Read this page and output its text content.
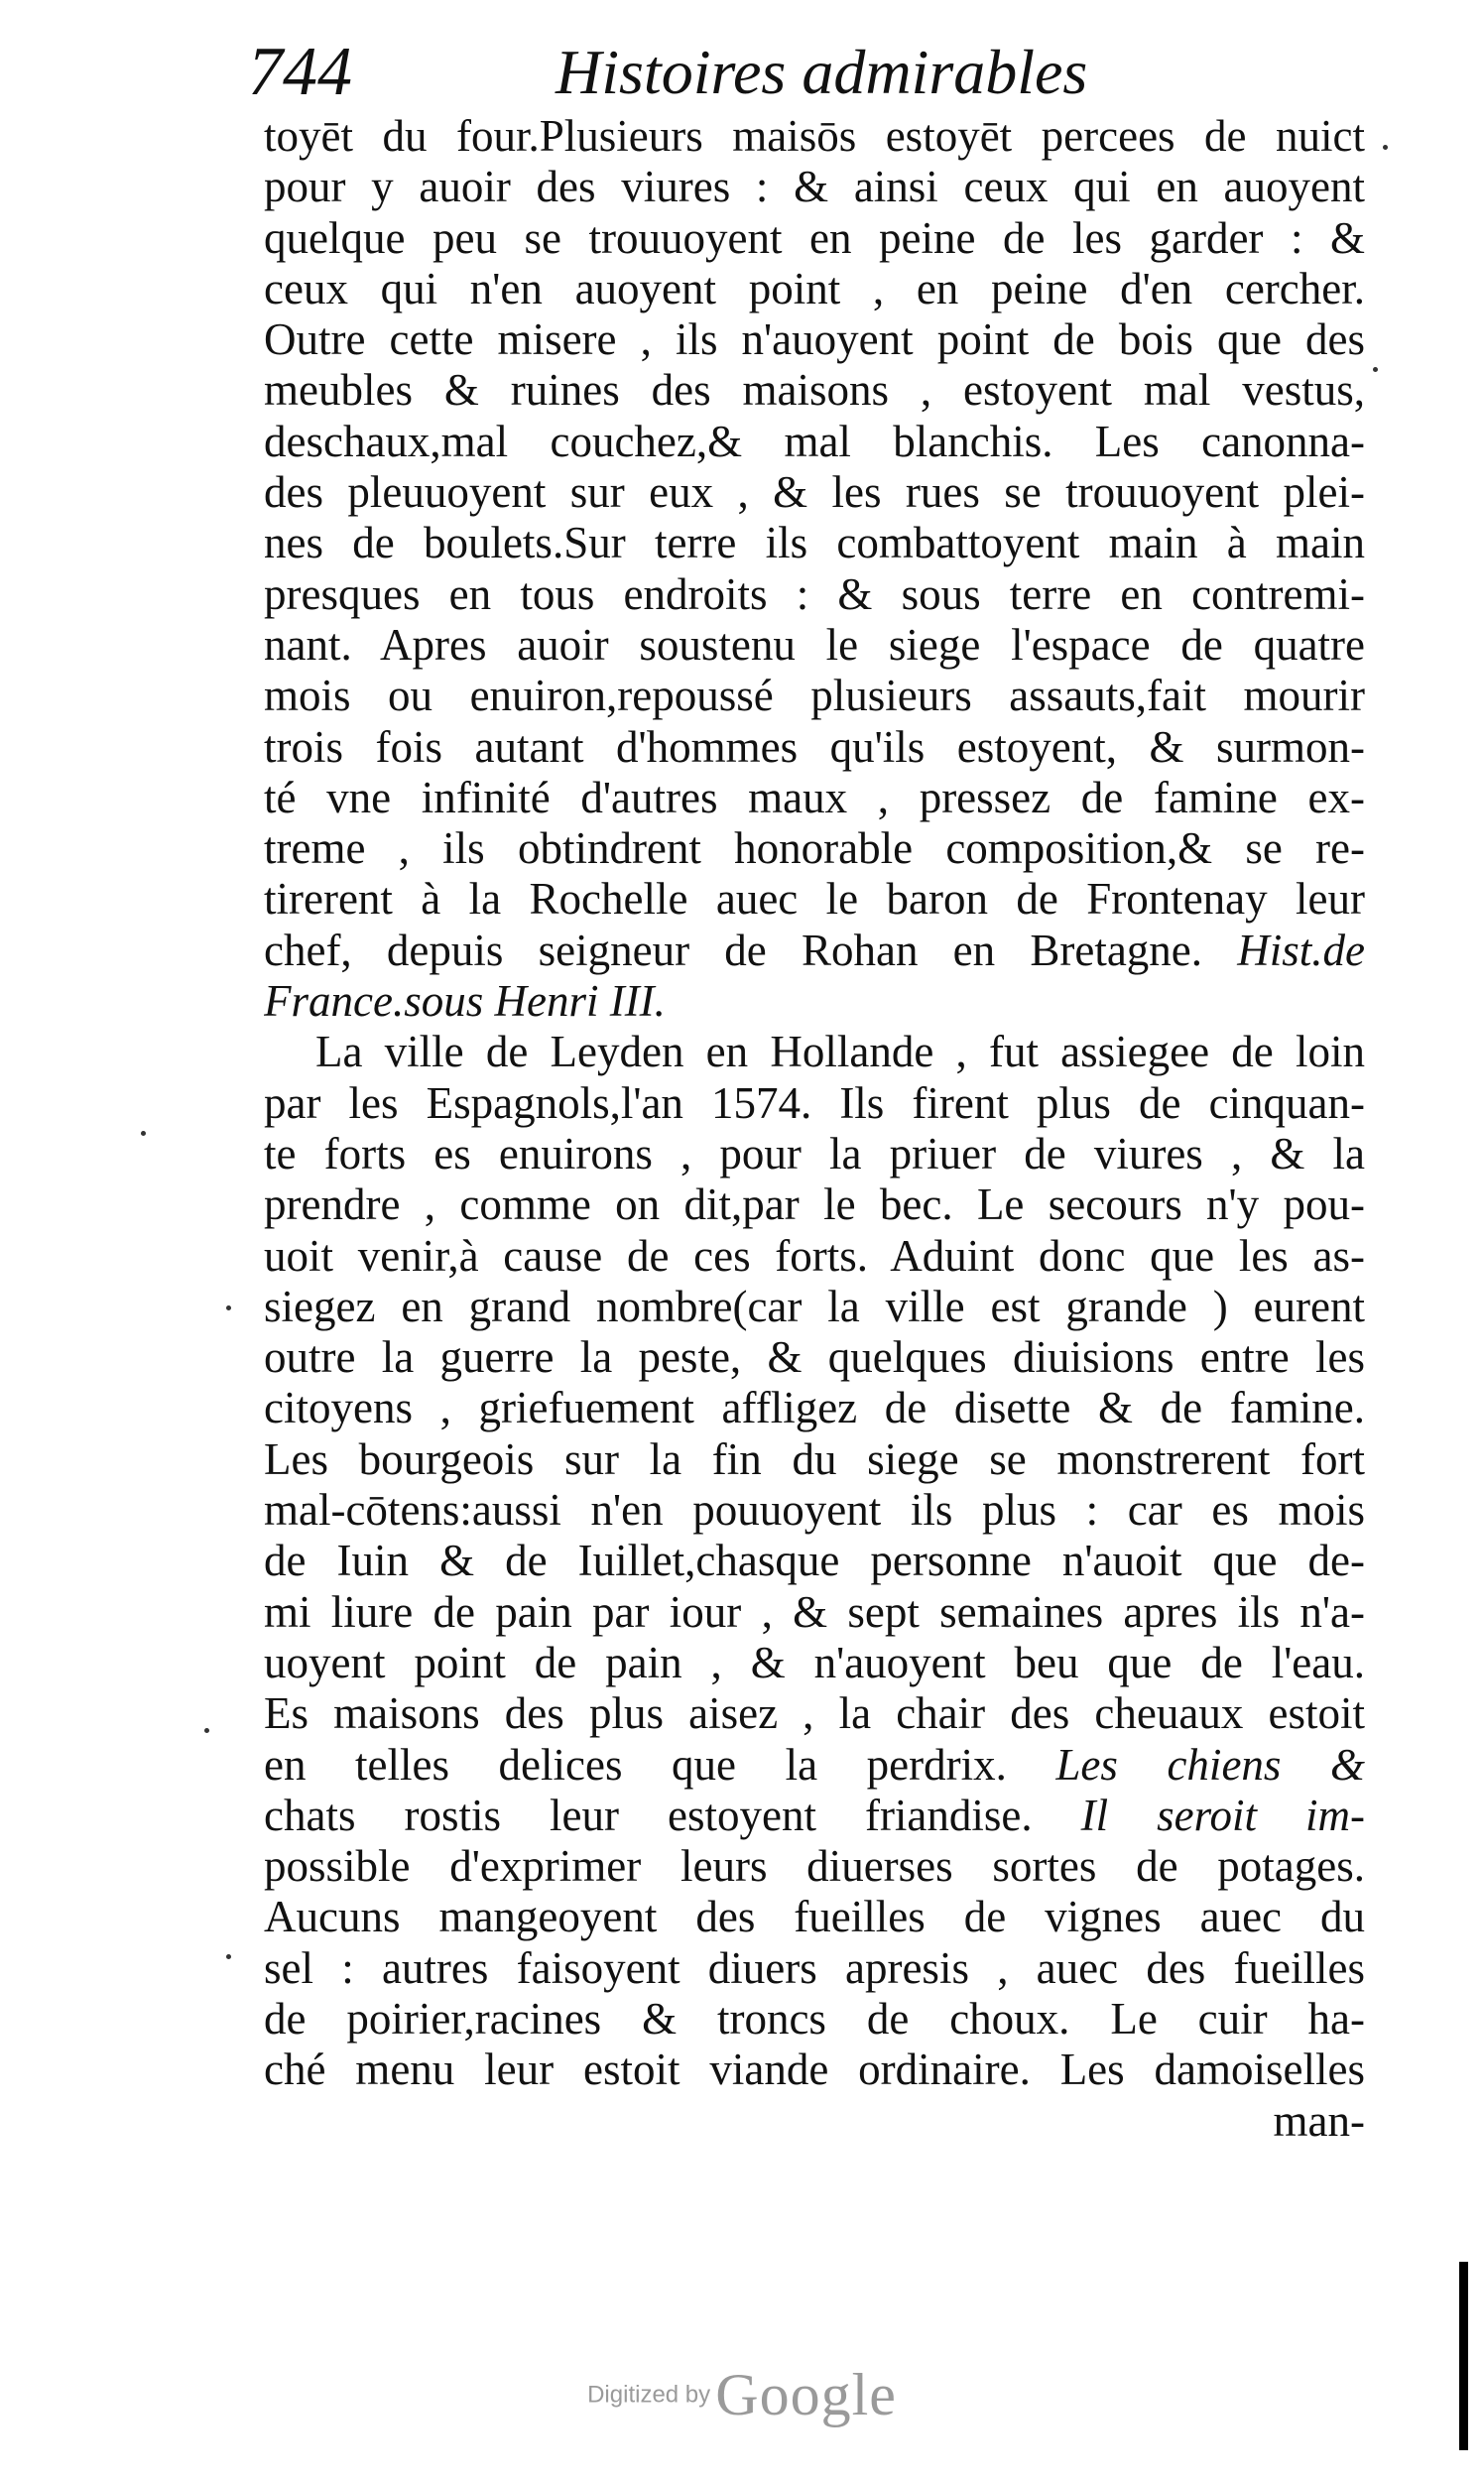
744	Histoires admirables
toyēt du four.Plusieurs maisōs estoyēt percees de nuict
pour y auoir des viures : & ainsi ceux qui en auoyent
quelque peu se trouuoyent en peine de les garder : &
ceux qui n'en auoyent point , en peine d'en cercher.
Outre cette misere , ils n'auoyent point de bois que des
meubles & ruines des maisons , estoyent mal vestus,
deschaux,mal couchez,& mal blanchis. Les canonna-
des pleuuoyent sur eux , & les rues se trouuoyent plei-
nes de boulets.Sur terre ils combattoyent main à main
presques en tous endroits : & sous terre en contremi-
nant. Apres auoir soustenu le siege l'espace de quatre
mois ou enuiron,repoussé plusieurs assauts,fait mourir
trois fois autant d'hommes qu'ils estoyent, & surmon-
té vne infinité d'autres maux , pressez de famine ex-
treme , ils obtindrent honorable composition,& se re-
tirerent à la Rochelle auec le baron de Frontenay leur
chef, depuis seigneur de Rohan en Bretagne. Hist.de
France.sous Henri III.
La ville de Leyden en Hollande , fut assiegee de loin
par les Espagnols,l'an 1574. Ils firent plus de cinquan-
te forts es enuirons , pour la priuer de viures , & la
prendre , comme on dit,par le bec. Le secours n'y pou-
uoit venir,à cause de ces forts. Aduint donc que les as-
siegez en grand nombre(car la ville est grande ) eurent
outre la guerre la peste, & quelques diuisions entre les
citoyens , griefuement affligez de disette & de famine.
Les bourgeois sur la fin du siege se monstrerent fort
mal-cōtens:aussi n'en pouuoyent ils plus : car es mois
de Iuin & de Iuillet,chasque personne n'auoit que de-
mi liure de pain par iour , & sept semaines apres ils n'a-
uoyent point de pain , & n'auoyent beu que de l'eau.
Es maisons des plus aisez , la chair des cheuaux estoit
en telles delices que la perdrix. Les chiens &
chats rostis leur estoyent friandise. Il seroit im-
possible d'exprimer leurs diuerses sortes de potages.
Aucuns mangeoyent des fueilles de vignes auec du
sel : autres faisoyent diuers apresis , auec des fueilles
de poirier,racines & troncs de choux. Le cuir ha-
ché menu leur estoit viande ordinaire. Les damoiselles
man-
Digitized by Google
